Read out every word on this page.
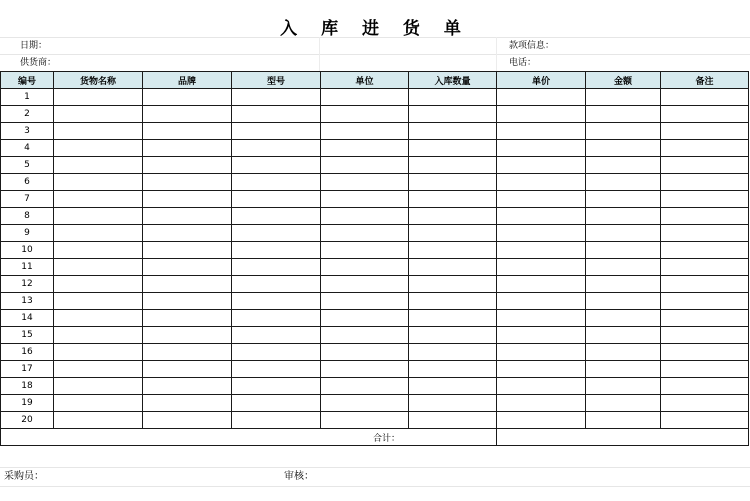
入 库 进 货 单
日期：
供货商：
款项信息：
电话：
编号	货物名称	品牌	型号	单位	入库数量	单价	金额	备注
1								
2								
3								
4								
5								
6								
7								
8								
9								
10								
11								
12								
13								
14								
15								
16								
17								
18								
19								
20								
合计：								
采购员：	审核：
